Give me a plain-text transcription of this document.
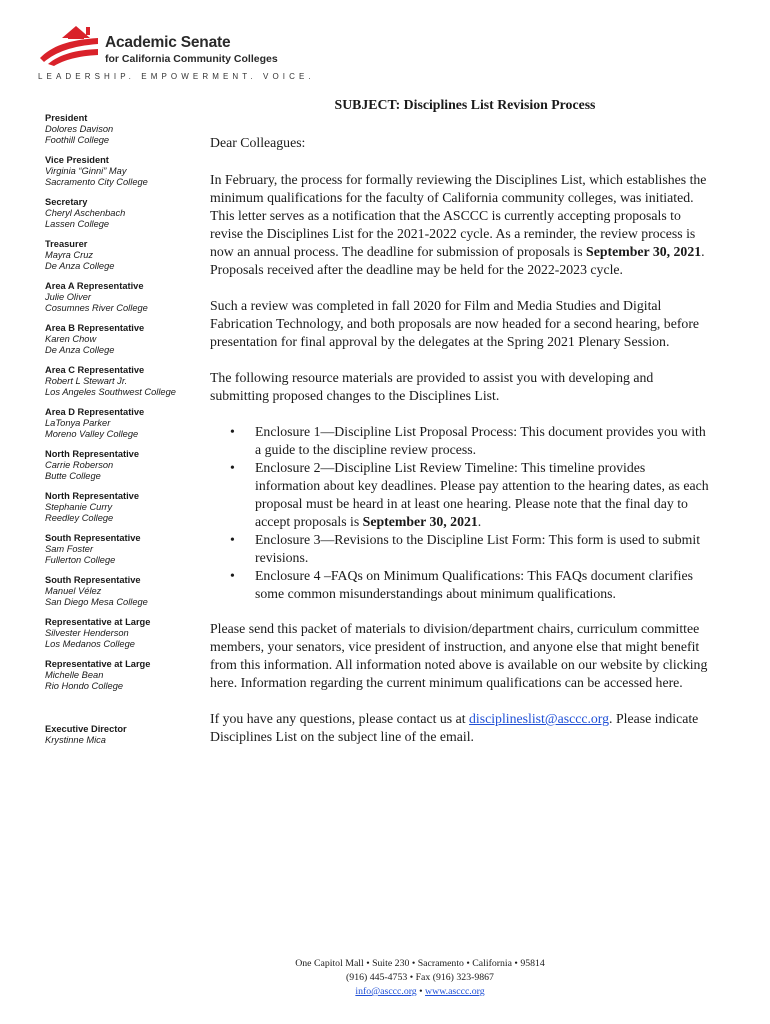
Academic Senate
for California Community Colleges
LEADERSHIP. EMPOWERMENT. VOICE.
President
Dolores Davison
Foothill College
Vice President
Virginia “Ginni” May
Sacramento City College
Secretary
Cheryl Aschenbach
Lassen College
Treasurer
Mayra Cruz
De Anza College
Area A Representative
Julie Oliver
Cosumnes River College
Area B Representative
Karen Chow
De Anza College
Area C Representative
Robert L Stewart Jr.
Los Angeles Southwest College
Area D Representative
LaTonya Parker
Moreno Valley College
North Representative
Carrie Roberson
Butte College
North Representative
Stephanie Curry
Reedley College
South Representative
Sam Foster
Fullerton College
South Representative
Manuel Vélez
San Diego Mesa College
Representative at Large
Silvester Henderson
Los Medanos College
Representative at Large
Michelle Bean
Rio Hondo College
Executive Director
Krystinne Mica
SUBJECT: Disciplines List Revision Process

Dear Colleagues:

In February, the process for formally reviewing the Disciplines List, which establishes the minimum qualifications for the faculty of California community colleges, was initiated. This letter serves as a notification that the ASCCC is currently accepting proposals to revise the Disciplines List for the 2021-2022 cycle. As a reminder, the review process is now an annual process. The deadline for submission of proposals is September 30, 2021. Proposals received after the deadline may be held for the 2022-2023 cycle.

Such a review was completed in fall 2020 for Film and Media Studies and Digital Fabrication Technology, and both proposals are now headed for a second hearing, before presentation for final approval by the delegates at the Spring 2021 Plenary Session.

The following resource materials are provided to assist you with developing and submitting proposed changes to the Disciplines List.

• Enclosure 1—Discipline List Proposal Process: This document provides you with a guide to the discipline review process.
• Enclosure 2—Discipline List Review Timeline: This timeline provides information about key deadlines. Please pay attention to the hearing dates, as each proposal must be heard in at least one hearing. Please note that the final day to accept proposals is September 30, 2021.
• Enclosure 3—Revisions to the Discipline List Form: This form is used to submit revisions.
• Enclosure 4 –FAQs on Minimum Qualifications: This FAQs document clarifies some common misunderstandings about minimum qualifications.

Please send this packet of materials to division/department chairs, curriculum committee members, your senators, vice president of instruction, and anyone else that might benefit from this information. All information noted above is available on our website by clicking here. Information regarding the current minimum qualifications can be accessed here.

If you have any questions, please contact us at disciplineslist@asccc.org. Please indicate Disciplines List on the subject line of the email.

One Capitol Mall • Suite 230 • Sacramento • California • 95814
(916) 445-4753 • Fax (916) 323-9867
info@asccc.org • www.asccc.org
